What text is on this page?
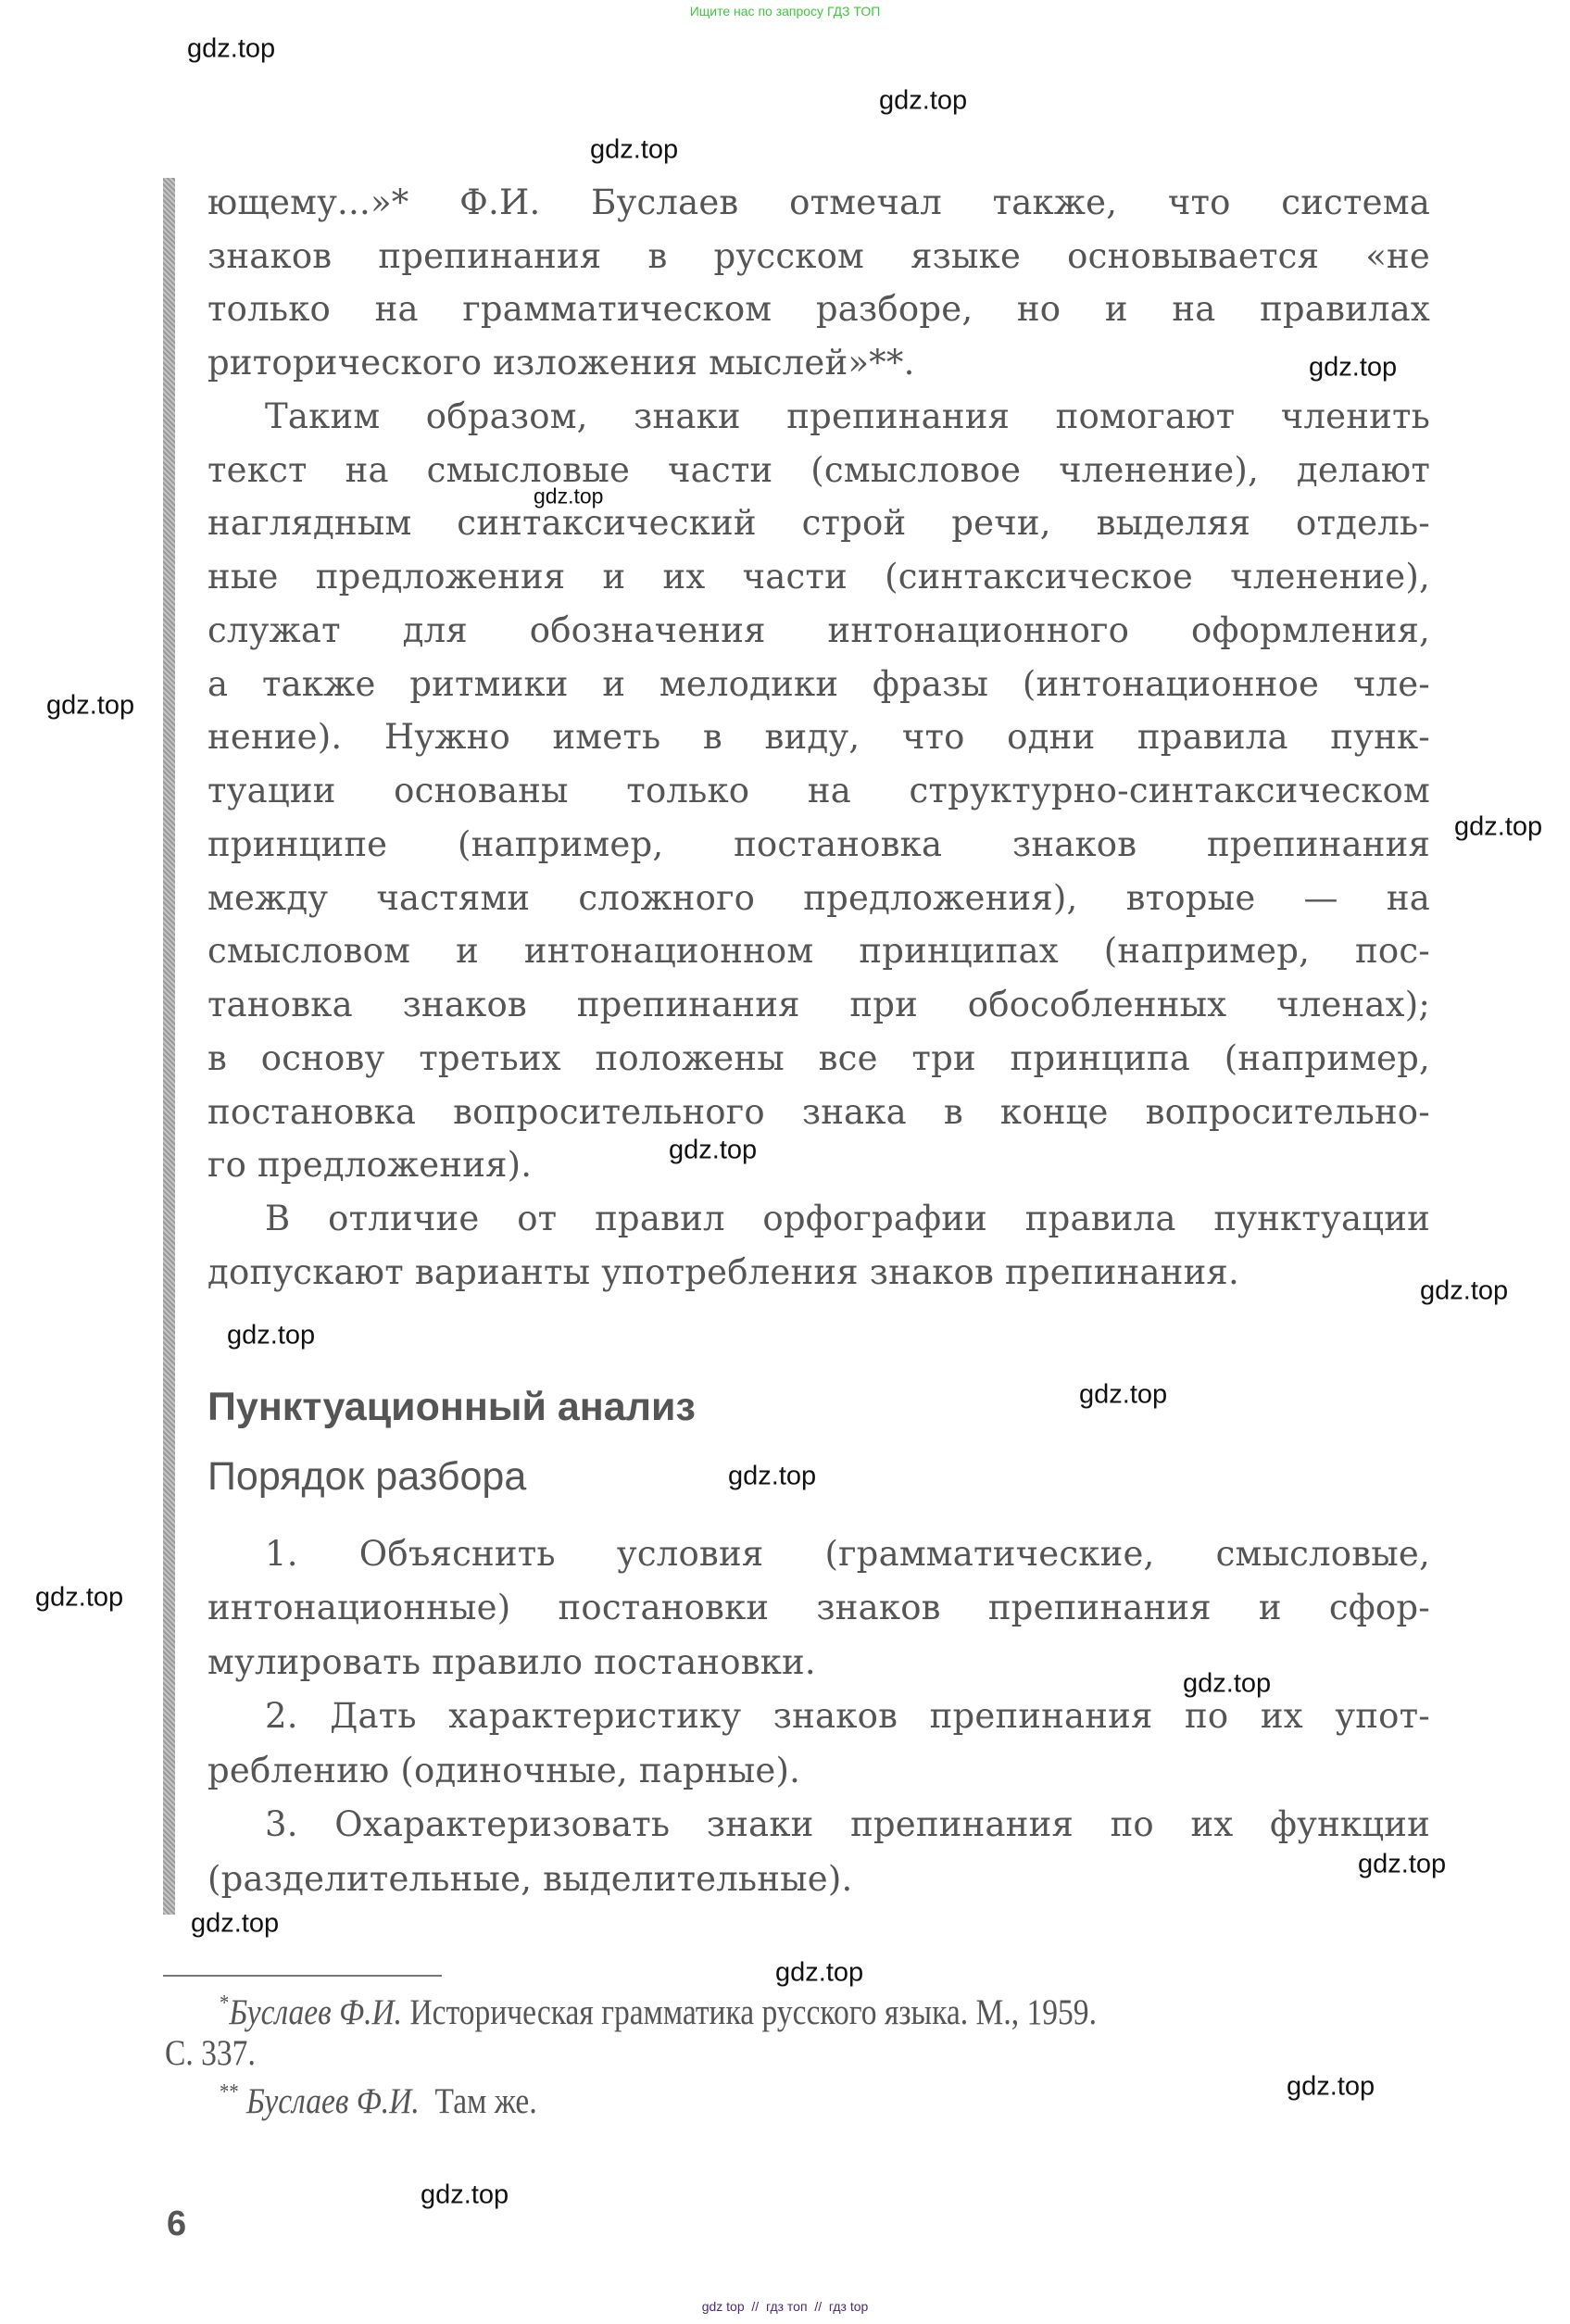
Ищите нас по запросу ГДЗ ТОП
ющему...»* Ф.И. Буслаев отмечал также, что система
знаков препинания в русском языке основывается «не
только на грамматическом разборе, но и на правилах
риторического изложения мыслей»**.
Таким образом, знаки препинания помогают членить
текст на смысловые части (смысловое членение), делают
наглядным синтаксический строй речи, выделяя отдель-
ные предложения и их части (синтаксическое членение),
служат для обозначения интонационного оформления,
а также ритмики и мелодики фразы (интонационное чле-
нение). Нужно иметь в виду, что одни правила пунк-
туации основаны только на структурно-синтаксическом
принципе (например, постановка знаков препинания
между частями сложного предложения), вторые — на
смысловом и интонационном принципах (например, пос-
тановка знаков препинания при обособленных членах);
в основу третьих положены все три принципа (например,
постановка вопросительного знака в конце вопросительно-
го предложения).
В отличие от правил орфографии правила пунктуации
допускают варианты употребления знаков препинания.
Пунктуационный анализ
Порядок разбора
1. Объяснить условия (грамматические, смысловые,
интонационные) постановки знаков препинания и сфор-
мулировать правило постановки.
2. Дать характеристику знаков препинания по их упот-
реблению (одиночные, парные).
3. Охарактеризовать знаки препинания по их функции
(разделительные, выделительные).
*Буслаев Ф.И. Историческая грамматика русского языка. М., 1959.
С. 337.
** Буслаев Ф.И. Там же.
6
gdz.top
gdz.top
gdz.top
gdz.top
gdz.top
gdz.top
gdz.top
gdz.top
gdz.top
gdz.top
gdz.top
gdz.top
gdz.top
gdz.top
gdz.top
gdz.top
gdz.top
gdz.top
gdz.top
gdz top  //  гдз топ  //  гдз top
